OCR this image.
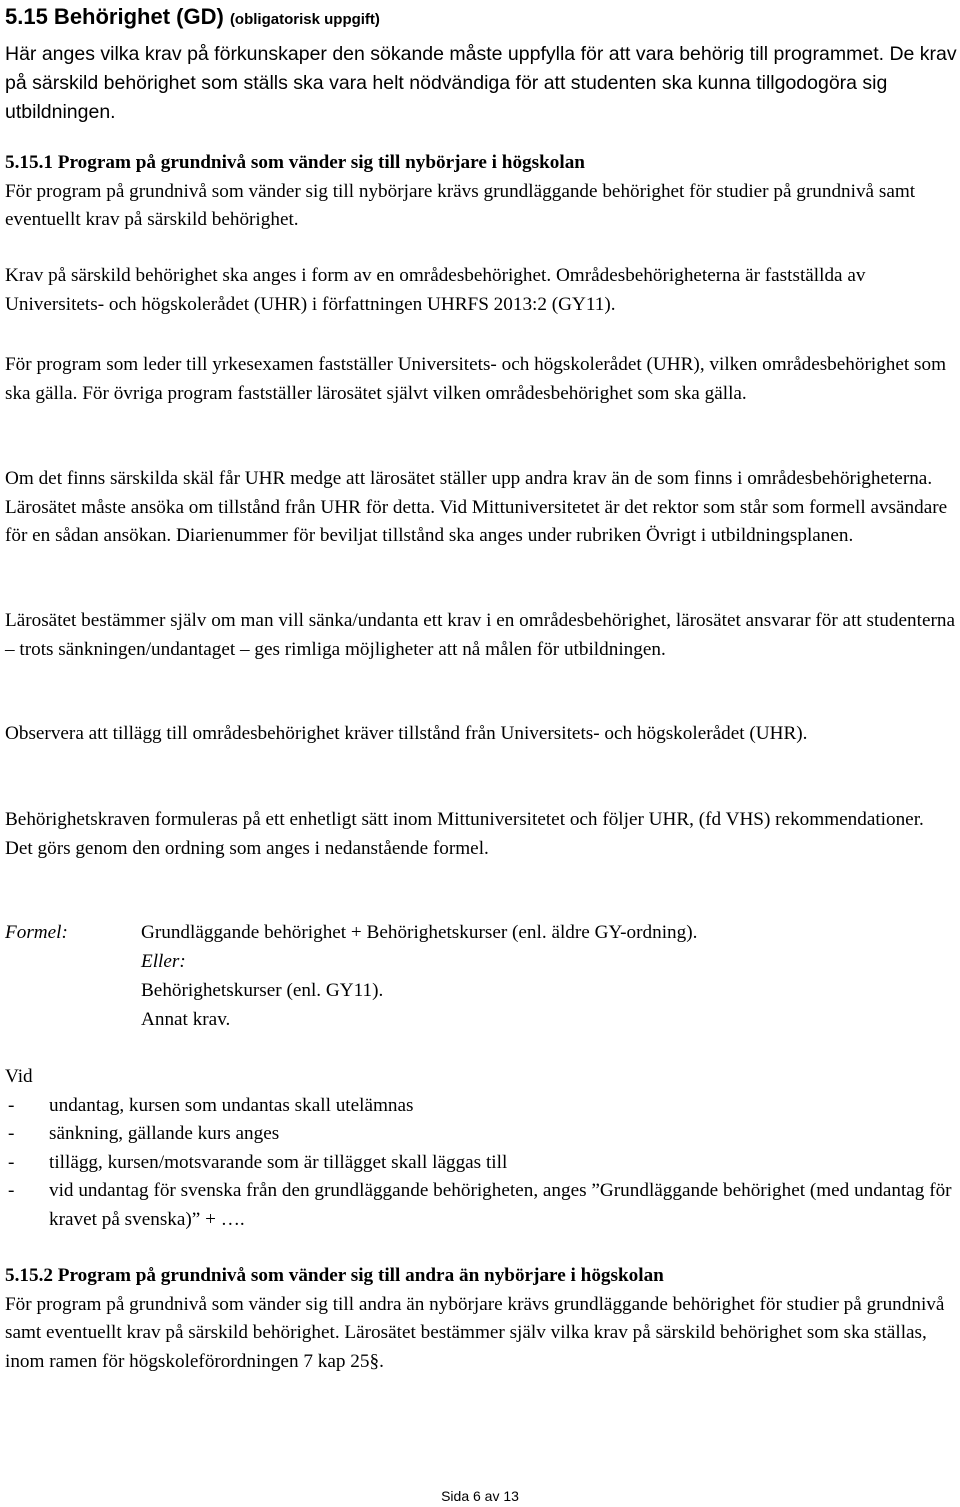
5.15 Behörighet (GD) (obligatorisk uppgift)

Här anges vilka krav på förkunskaper den sökande måste uppfylla för att vara behörig till programmet. De krav på särskild behörighet som ställs ska vara helt nödvändiga för att studenten ska kunna tillgodogöra sig utbildningen.

5.15.1 Program på grundnivå som vänder sig till nybörjare i högskolan
För program på grundnivå som vänder sig till nybörjare krävs grundläggande behörighet för studier på grundnivå samt eventuellt krav på särskild behörighet.

Krav på särskild behörighet ska anges i form av en områdesbehörighet. Områdesbehörigheterna är fastställda av Universitets- och högskolerådet (UHR) i författningen UHRFS 2013:2 (GY11).

För program som leder till yrkesexamen fastställer Universitets- och högskolerådet (UHR), vilken områdesbehörighet som ska gälla. För övriga program fastställer lärosätet självt vilken områdesbehörighet som ska gälla.

Om det finns särskilda skäl får UHR medge att lärosätet ställer upp andra krav än de som finns i områdesbehörigheterna. Lärosätet måste ansöka om tillstånd från UHR för detta. Vid Mittuniversitetet är det rektor som står som formell avsändare för en sådan ansökan. Diarienummer för beviljat tillstånd ska anges under rubriken Övrigt i utbildningsplanen.

Lärosätet bestämmer själv om man vill sänka/undanta ett krav i en områdesbehörighet, lärosätet ansvarar för att studenterna – trots sänkningen/undantaget – ges rimliga möjligheter att nå målen för utbildningen.

Observera att tillägg till områdesbehörighet kräver tillstånd från Universitets- och högskolerådet (UHR).

Behörighetskraven formuleras på ett enhetligt sätt inom Mittuniversitetet och följer UHR, (fd VHS) rekommendationer.
Det görs genom den ordning som anges i nedanstående formel.
Formel:	Grundläggande behörighet + Behörighetskurser (enl. äldre GY-ordning).
Eller:
Behörighetskurser (enl. GY11).
Annat krav.
Vid
- undantag, kursen som undantas skall utelämnas
- sänkning, gällande kurs anges
- tillägg, kursen/motsvarande som är tillägget skall läggas till
- vid undantag för svenska från den grundläggande behörigheten, anges ”Grundläggande behörighet (med undantag för kravet på svenska)” + ….
5.15.2 Program på grundnivå som vänder sig till andra än nybörjare i högskolan
För program på grundnivå som vänder sig till andra än nybörjare krävs grundläggande behörighet för studier på grundnivå samt eventuellt krav på särskild behörighet. Lärosätet bestämmer själv vilka krav på särskild behörighet som ska ställas, inom ramen för högskoleförordningen 7 kap 25§.
Sida 6 av 13
